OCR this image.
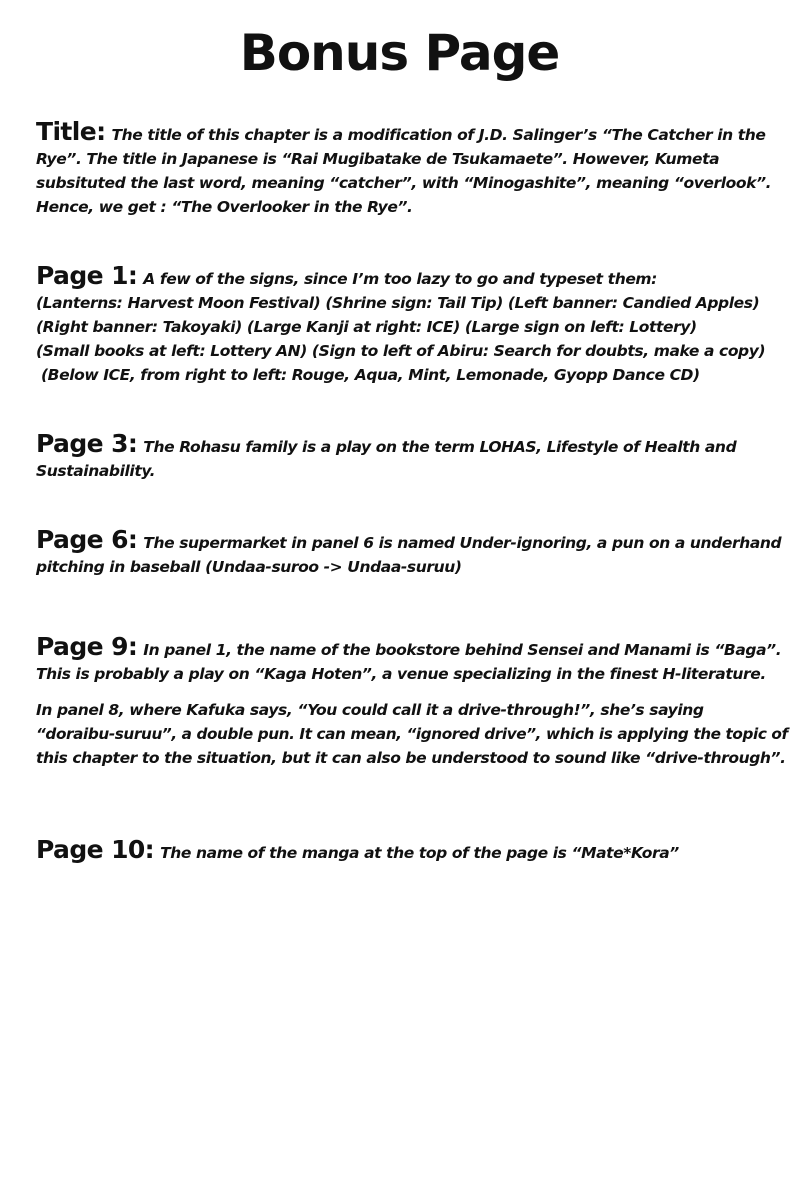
Bonus Page
Title: The title of this chapter is a modification of J.D. Salinger’s “The Catcher in the
Rye”. The title in Japanese is “Rai Mugibatake de Tsukamaete”. However, Kumeta
subsituted the last word, meaning “catcher”, with “Minogashite”, meaning “overlook”.
Hence, we get : “The Overlooker in the Rye”.
Page 1: A few of the signs, since I’m too lazy to go and typeset them:
(Lanterns: Harvest Moon Festival) (Shrine sign: Tail Tip) (Left banner: Candied Apples)
(Right banner: Takoyaki) (Large Kanji at right: ICE) (Large sign on left: Lottery)
(Small books at left: Lottery AN) (Sign to left of Abiru: Search for doubts, make a copy)
(Below ICE, from right to left: Rouge, Aqua, Mint, Lemonade, Gyopp Dance CD)
Page 3: The Rohasu family is a play on the term LOHAS, Lifestyle of Health and
Sustainability.
Page 6: The supermarket in panel 6 is named Under-ignoring, a pun on a underhand
pitching in baseball (Undaa-suroo -> Undaa-suruu)
Page 9: In panel 1, the name of the bookstore behind Sensei and Manami is “Baga”.
This is probably a play on “Kaga Hoten”, a venue specializing in the finest H-literature.
In panel 8, where Kafuka says, “You could call it a drive-through!”, she’s saying
“doraibu-suruu”, a double pun. It can mean, “ignored drive”, which is applying the topic of
this chapter to the situation, but it can also be understood to sound like “drive-through”.
Page 10: The name of the manga at the top of the page is “Mate*Kora”
